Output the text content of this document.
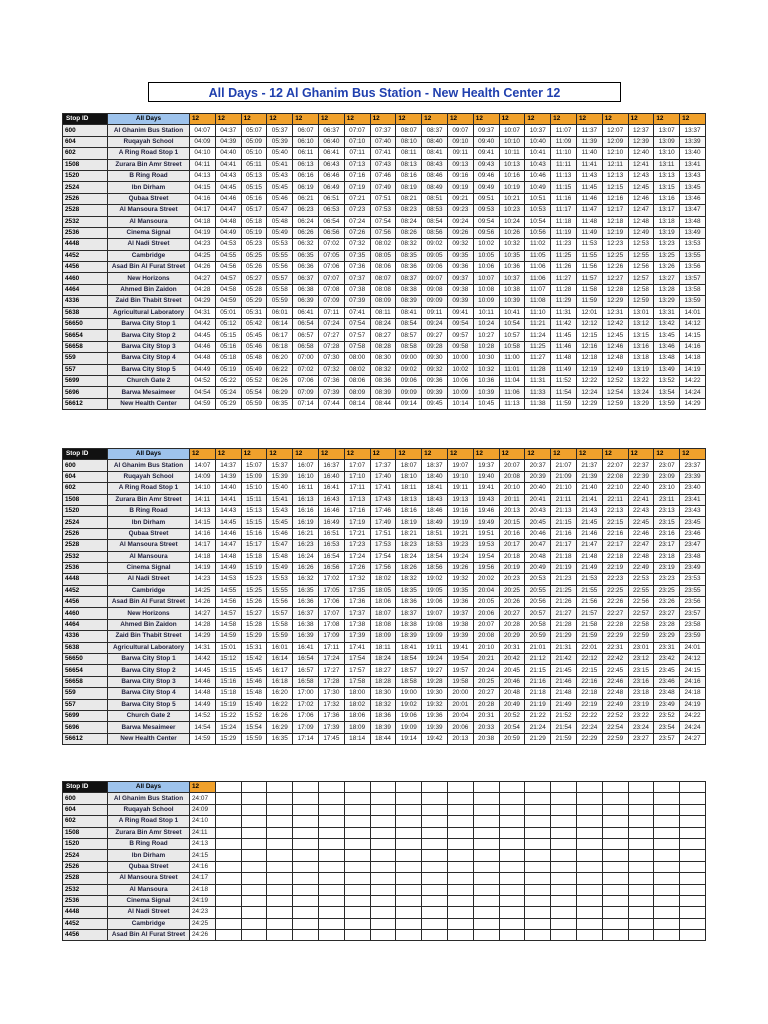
All Days - 12 Al Ghanim Bus Station - New Health Center 12
Stop ID	All Days	12	12	12	12	12	12	12	12	12	12	12	12	12	12	12	12	12	12	12	12
600	Al Ghanim Bus Station	04:07	04:37	05:07	05:37	06:07	06:37	07:07	07:37	08:07	08:37	09:07	09:37	10:07	10:37	11:07	11:37	12:07	12:37	13:07	13:37
604	Ruqayah School	04:09	04:39	05:09	05:39	06:10	06:40	07:10	07:40	08:10	08:40	09:10	09:40	10:10	10:40	11:09	11:39	12:09	12:39	13:09	13:39
602	A Ring Road Stop 1	04:10	04:40	05:10	05:40	06:11	06:41	07:11	07:41	08:11	08:41	09:11	09:41	10:11	10:41	11:10	11:40	12:10	12:40	13:10	13:40
1508	Zurara Bin Amr Street	04:11	04:41	05:11	05:41	06:13	06:43	07:13	07:43	08:13	08:43	09:13	09:43	10:13	10:43	11:11	11:41	12:11	12:41	13:11	13:41
1520	B Ring Road	04:13	04:43	05:13	05:43	06:16	06:46	07:16	07:46	08:16	08:46	09:16	09:46	10:16	10:46	11:13	11:43	12:13	12:43	13:13	13:43
2524	Ibn Dirham	04:15	04:45	05:15	05:45	06:19	06:49	07:19	07:49	08:19	08:49	09:19	09:49	10:19	10:49	11:15	11:45	12:15	12:45	13:15	13:45
2526	Qubaa Street	04:16	04:46	05:16	05:46	06:21	06:51	07:21	07:51	08:21	08:51	09:21	09:51	10:21	10:51	11:16	11:46	12:16	12:46	13:16	13:46
2528	Al Mansoura Street	04:17	04:47	05:17	05:47	06:23	06:53	07:23	07:53	08:23	08:53	09:23	09:53	10:23	10:53	11:17	11:47	12:17	12:47	13:17	13:47
2532	Al Mansoura	04:18	04:48	05:18	05:48	06:24	06:54	07:24	07:54	08:24	08:54	09:24	09:54	10:24	10:54	11:18	11:48	12:18	12:48	13:18	13:48
2536	Cinema Signal	04:19	04:49	05:19	05:49	06:26	06:56	07:26	07:56	08:26	08:56	09:26	09:56	10:26	10:56	11:19	11:49	12:19	12:49	13:19	13:49
4448	Al Nadi Street	04:23	04:53	05:23	05:53	06:32	07:02	07:32	08:02	08:32	09:02	09:32	10:02	10:32	11:02	11:23	11:53	12:23	12:53	13:23	13:53
4452	Cambridge	04:25	04:55	05:25	05:55	06:35	07:05	07:35	08:05	08:35	09:05	09:35	10:05	10:35	11:05	11:25	11:55	12:25	12:55	13:25	13:55
4456	Asad Bin Al Furat Street	04:26	04:56	05:26	05:56	06:36	07:06	07:36	08:06	08:36	09:06	09:36	10:06	10:36	11:06	11:26	11:56	12:26	12:56	13:26	13:56
4460	New Horizons	04:27	04:57	05:27	05:57	06:37	07:07	07:37	08:07	08:37	09:07	09:37	10:07	10:37	11:06	11:27	11:57	12:27	12:57	13:27	13:57
4464	Ahmed Bin Zaidon	04:28	04:58	05:28	05:58	06:38	07:08	07:38	08:08	08:38	09:08	09:38	10:08	10:38	11:07	11:28	11:58	12:28	12:58	13:28	13:58
4336	Zaid Bin Thabit Street	04:29	04:59	05:29	05:59	06:39	07:09	07:39	08:09	08:39	09:09	09:39	10:09	10:39	11:08	11:29	11:59	12:29	12:59	13:29	13:59
5638	Agricultural Laboratory	04:31	05:01	05:31	06:01	06:41	07:11	07:41	08:11	08:41	09:11	09:41	10:11	10:41	11:10	11:31	12:01	12:31	13:01	13:31	14:01
56650	Barwa City Stop 1	04:42	05:12	05:42	06:14	06:54	07:24	07:54	08:24	08:54	09:24	09:54	10:24	10:54	11:21	11:42	12:12	12:42	13:12	13:42	14:12
56654	Barwa City Stop 2	04:45	05:15	05:45	06:17	06:57	07:27	07:57	08:27	08:57	09:27	09:57	10:27	10:57	11:24	11:45	12:15	12:45	13:15	13:45	14:15
56658	Barwa City Stop 3	04:46	05:16	05:46	06:18	06:58	07:28	07:58	08:28	08:58	09:28	09:58	10:28	10:58	11:25	11:46	12:16	12:46	13:16	13:46	14:16
559	Barwa City Stop 4	04:48	05:18	05:48	06:20	07:00	07:30	08:00	08:30	09:00	09:30	10:00	10:30	11:00	11:27	11:48	12:18	12:48	13:18	13:48	14:18
557	Barwa City Stop 5	04:49	05:19	05:49	06:22	07:02	07:32	08:02	08:32	09:02	09:32	10:02	10:32	11:01	11:28	11:49	12:19	12:49	13:19	13:49	14:19
5699	Church Gate 2	04:52	05:22	05:52	06:26	07:06	07:36	08:06	08:36	09:06	09:36	10:06	10:36	11:04	11:31	11:52	12:22	12:52	13:22	13:52	14:22
5696	Barwa Mesaimeer	04:54	05:24	05:54	06:29	07:09	07:39	08:09	08:39	09:09	09:39	10:09	10:39	11:06	11:33	11:54	12:24	12:54	13:24	13:54	14:24
56612	New Health Center	04:59	05:29	05:59	06:35	07:14	07:44	08:14	08:44	09:14	09:45	10:14	10:45	11:13	11:38	11:59	12:29	12:59	13:29	13:59	14:29
Stop ID	All Days	12	12	12	12	12	12	12	12	12	12	12	12	12	12	12	12	12	12	12	12
600	Al Ghanim Bus Station	14:07	14:37	15:07	15:37	16:07	16:37	17:07	17:37	18:07	18:37	19:07	19:37	20:07	20:37	21:07	21:37	22:07	22:37	23:07	23:37
604	Ruqayah School	14:09	14:39	15:09	15:39	16:10	16:40	17:10	17:40	18:10	18:40	19:10	19:40	20:08	20:39	21:09	21:39	22:08	22:39	23:09	23:39
602	A Ring Road Stop 1	14:10	14:40	15:10	15:40	16:11	16:41	17:11	17:41	18:11	18:41	19:11	19:41	20:10	20:40	21:10	21:40	22:10	22:40	23:10	23:40
1508	Zurara Bin Amr Street	14:11	14:41	15:11	15:41	16:13	16:43	17:13	17:43	18:13	18:43	19:13	19:43	20:11	20:41	21:11	21:41	22:11	22:41	23:11	23:41
1520	B Ring Road	14:13	14:43	15:13	15:43	16:16	16:46	17:16	17:46	18:16	18:46	19:16	19:46	20:13	20:43	21:13	21:43	22:13	22:43	23:13	23:43
2524	Ibn Dirham	14:15	14:45	15:15	15:45	16:19	16:49	17:19	17:49	18:19	18:49	19:19	19:49	20:15	20:45	21:15	21:45	22:15	22:45	23:15	23:45
2526	Qubaa Street	14:16	14:46	15:16	15:46	16:21	16:51	17:21	17:51	18:21	18:51	19:21	19:51	20:16	20:46	21:16	21:46	22:16	22:46	23:16	23:46
2528	Al Mansoura Street	14:17	14:47	15:17	15:47	16:23	16:53	17:23	17:53	18:23	18:53	19:23	19:53	20:17	20:47	21:17	21:47	22:17	22:47	23:17	23:47
2532	Al Mansoura	14:18	14:48	15:18	15:48	16:24	16:54	17:24	17:54	18:24	18:54	19:24	19:54	20:18	20:48	21:18	21:48	22:18	22:48	23:18	23:48
2536	Cinema Signal	14:19	14:49	15:19	15:49	16:26	16:56	17:26	17:56	18:26	18:56	19:26	19:56	20:19	20:49	21:19	21:49	22:19	22:49	23:19	23:49
4448	Al Nadi Street	14:23	14:53	15:23	15:53	16:32	17:02	17:32	18:02	18:32	19:02	19:32	20:02	20:23	20:53	21:23	21:53	22:23	22:53	23:23	23:53
4452	Cambridge	14:25	14:55	15:25	15:55	16:35	17:05	17:35	18:05	18:35	19:05	19:35	20:04	20:25	20:55	21:25	21:55	22:25	22:55	23:25	23:55
4456	Asad Bin Al Furat Street	14:26	14:56	15:26	15:56	16:36	17:06	17:36	18:06	18:36	19:06	19:36	20:05	20:26	20:56	21:26	21:56	22:26	22:56	23:26	23:56
4460	New Horizons	14:27	14:57	15:27	15:57	16:37	17:07	17:37	18:07	18:37	19:07	19:37	20:06	20:27	20:57	21:27	21:57	22:27	22:57	23:27	23:57
4464	Ahmed Bin Zaidon	14:28	14:58	15:28	15:58	16:38	17:08	17:38	18:08	18:38	19:08	19:38	20:07	20:28	20:58	21:28	21:58	22:28	22:58	23:28	23:58
4336	Zaid Bin Thabit Street	14:29	14:59	15:29	15:59	16:39	17:09	17:39	18:09	18:39	19:09	19:39	20:08	20:29	20:59	21:29	21:59	22:29	22:59	23:29	23:59
5638	Agricultural Laboratory	14:31	15:01	15:31	16:01	16:41	17:11	17:41	18:11	18:41	19:11	19:41	20:10	20:31	21:01	21:31	22:01	22:31	23:01	23:31	24:01
56650	Barwa City Stop 1	14:42	15:12	15:42	16:14	16:54	17:24	17:54	18:24	18:54	19:24	19:54	20:21	20:42	21:12	21:42	22:12	22:42	23:12	23:42	24:12
56654	Barwa City Stop 2	14:45	15:15	15:45	16:17	16:57	17:27	17:57	18:27	18:57	19:27	19:57	20:24	20:45	21:15	21:45	22:15	22:45	23:15	23:45	24:15
56658	Barwa City Stop 3	14:46	15:16	15:46	16:18	16:58	17:28	17:58	18:28	18:58	19:28	19:58	20:25	20:46	21:16	21:46	22:16	22:46	23:16	23:46	24:16
559	Barwa City Stop 4	14:48	15:18	15:48	16:20	17:00	17:30	18:00	18:30	19:00	19:30	20:00	20:27	20:48	21:18	21:48	22:18	22:48	23:18	23:48	24:18
557	Barwa City Stop 5	14:49	15:19	15:49	16:22	17:02	17:32	18:02	18:32	19:02	19:32	20:01	20:28	20:49	21:19	21:49	22:19	22:49	23:19	23:49	24:19
5699	Church Gate 2	14:52	15:22	15:52	16:26	17:06	17:36	18:06	18:36	19:06	19:36	20:04	20:31	20:52	21:22	21:52	22:22	22:52	23:22	23:52	24:22
5696	Barwa Mesaimeer	14:54	15:24	15:54	16:29	17:09	17:39	18:09	18:39	19:09	19:39	20:06	20:33	20:54	21:24	21:54	22:24	22:54	23:24	23:54	24:24
56612	New Health Center	14:59	15:29	15:59	16:35	17:14	17:45	18:14	18:44	19:14	19:42	20:13	20:38	20:59	21:29	21:59	22:29	22:59	23:27	23:57	24:27
Stop ID	All Days	12																			
600	Al Ghanim Bus Station	24:07																			
604	Ruqayah School	24:09																			
602	A Ring Road Stop 1	24:10																			
1508	Zurara Bin Amr Street	24:11																			
1520	B Ring Road	24:13																			
2524	Ibn Dirham	24:15																			
2526	Qubaa Street	24:16																			
2528	Al Mansoura Street	24:17																			
2532	Al Mansoura	24:18																			
2536	Cinema Signal	24:19																			
4448	Al Nadi Street	24:23																			
4452	Cambridge	24:25																			
4456	Asad Bin Al Furat Street	24:26																			
